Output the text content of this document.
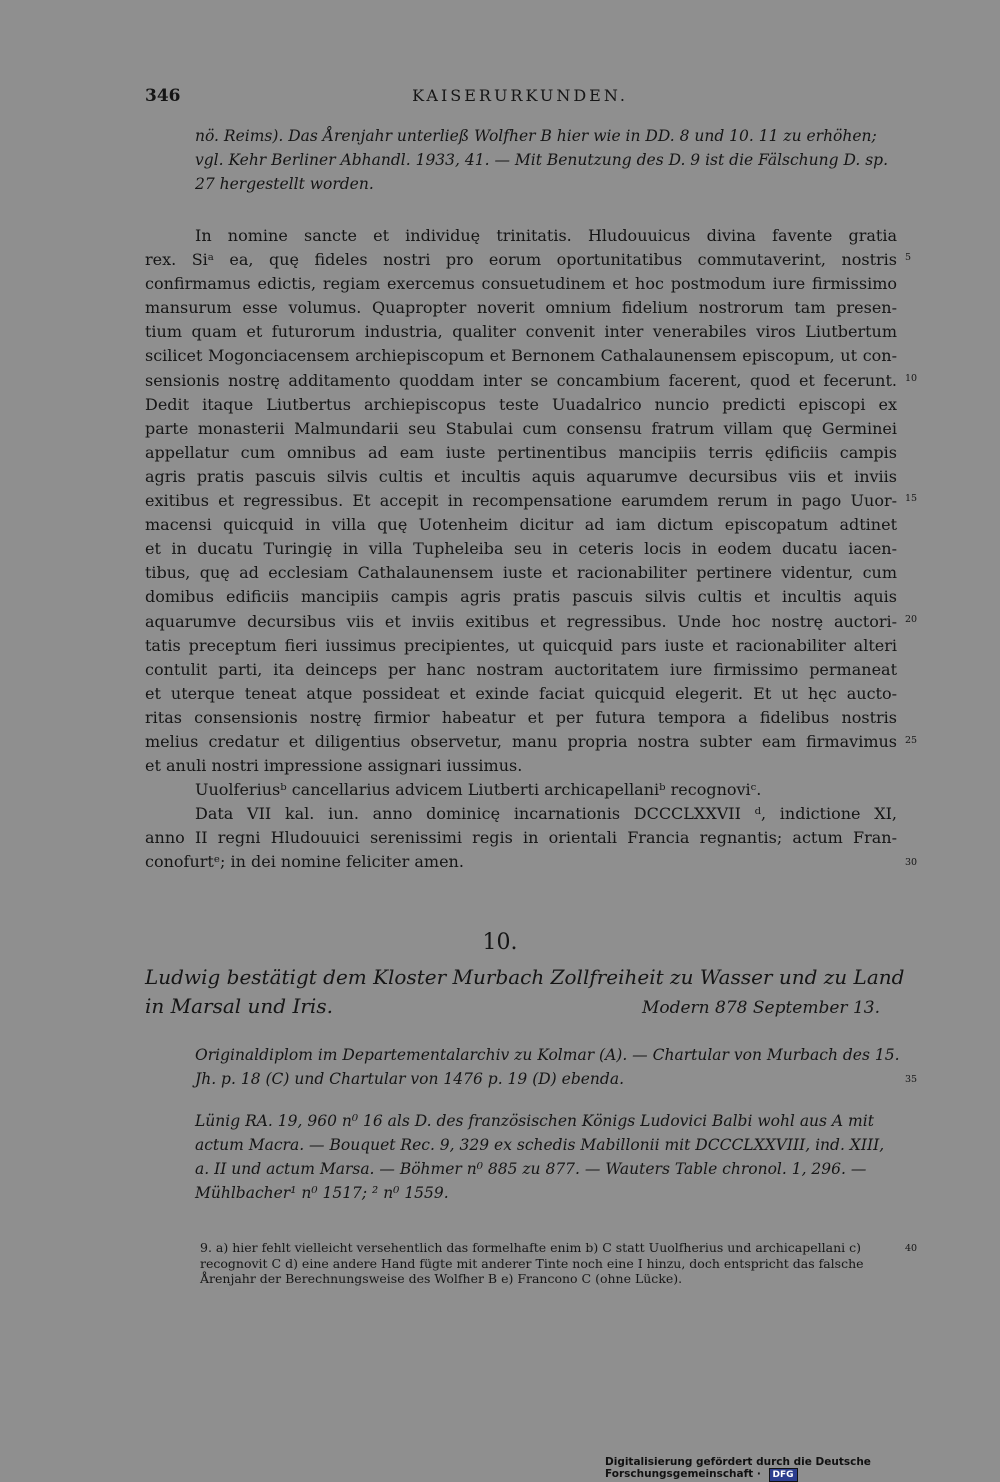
346	KAISERURKUNDEN.

nö. Reims). Das Årenjahr unterließ Wolfher B hier wie in DD. 8 und 10. 11 zu erhöhen; vgl. Kehr Berliner Abhandl. 1933, 41. — Mit Benutzung des D. 9 ist die Fälschung D. sp. 27 hergestellt worden.

In nomine sancte et individuę trinitatis. Hludouuicus divina favente gratia
rex. Siᵃ ea, quę fideles nostri pro eorum oportunitatibus commutaverint, nostris
confirmamus edictis, regiam exercemus consuetudinem et hoc postmodum iure firmissimo
mansurum esse volumus. Quapropter noverit omnium fidelium nostrorum tam presen-
tium quam et futurorum industria, qualiter convenit inter venerabiles viros Liutbertum
scilicet Mogonciacensem archiepiscopum et Bernonem Cathalaunensem episcopum, ut con-
sensionis nostrę additamento quoddam inter se concambium facerent, quod et fecerunt.
Dedit itaque Liutbertus archiepiscopus teste Uuadalrico nuncio predicti episcopi ex
parte monasterii Malmundarii seu Stabulai cum consensu fratrum villam quę Germinei
appellatur cum omnibus ad eam iuste pertinentibus mancipiis terris ędificiis campis
agris pratis pascuis silvis cultis et incultis aquis aquarumve decursibus viis et inviis
exitibus et regressibus. Et accepit in recompensatione earumdem rerum in pago Uuor-
macensi quicquid in villa quę Uotenheim dicitur ad iam dictum episcopatum adtinet
et in ducatu Turingię in villa Tupheleiba seu in ceteris locis in eodem ducatu iacen-
tibus, quę ad ecclesiam Cathalaunensem iuste et racionabiliter pertinere videntur, cum
domibus edificiis mancipiis campis agris pratis pascuis silvis cultis et incultis aquis
aquarumve decursibus viis et inviis exitibus et regressibus. Unde hoc nostrę auctori-
tatis preceptum fieri iussimus precipientes, ut quicquid pars iuste et racionabiliter alteri
contulit parti, ita deinceps per hanc nostram auctoritatem iure firmissimo permaneat
et uterque teneat atque possideat et exinde faciat quicquid elegerit. Et ut hęc aucto-
ritas consensionis nostrę firmior habeatur et per futura tempora a fidelibus nostris
melius credatur et diligentius observetur, manu propria nostra subter eam firmavimus
et anuli nostri impressione assignari iussimus.
Uuolferiusᵇ cancellarius advicem Liutberti archicapellaniᵇ recognoviᶜ.
Data VII kal. iun. anno dominicę incarnationis DCCCLXXVII ᵈ, indictione XI,
anno II regni Hludouuici serenissimi regis in orientali Francia regnantis; actum Fran-
conofurtᵉ; in dei nomine feliciter amen.
5
10
15
20
25
30
35
40
10.
Ludwig bestätigt dem Kloster Murbach Zollfreiheit zu Wasser und zu Land
in Marsal und Iris.	Modern 878 September 13.

Originaldiplom im Departementalarchiv zu Kolmar (A). — Chartular von Murbach des 15. Jh. p. 18 (C) und Chartular von 1476 p. 19 (D) ebenda.

Lünig RA. 19, 960 n⁰ 16 als D. des französischen Königs Ludovici Balbi wohl aus A mit actum Macra. — Bouquet Rec. 9, 329 ex schedis Mabillonii mit DCCCLXXVIII, ind. XIII, a. II und actum Marsa. — Böhmer n⁰ 885 zu 877. — Wauters Table chronol. 1, 296. — Mühlbacher¹ n⁰ 1517; ² n⁰ 1559.

9. a) hier fehlt vielleicht versehentlich das formelhafte enim b) C statt Uuolfherius und archicapellani c) recognovit C d) eine andere Hand fügte mit anderer Tinte noch eine I hinzu, doch entspricht das falsche Årenjahr der Berechnungsweise des Wolfher B e) Francono C (ohne Lücke).

Digitalisierung gefördert durch die Deutsche Forschungsgemeinschaft · DFG
